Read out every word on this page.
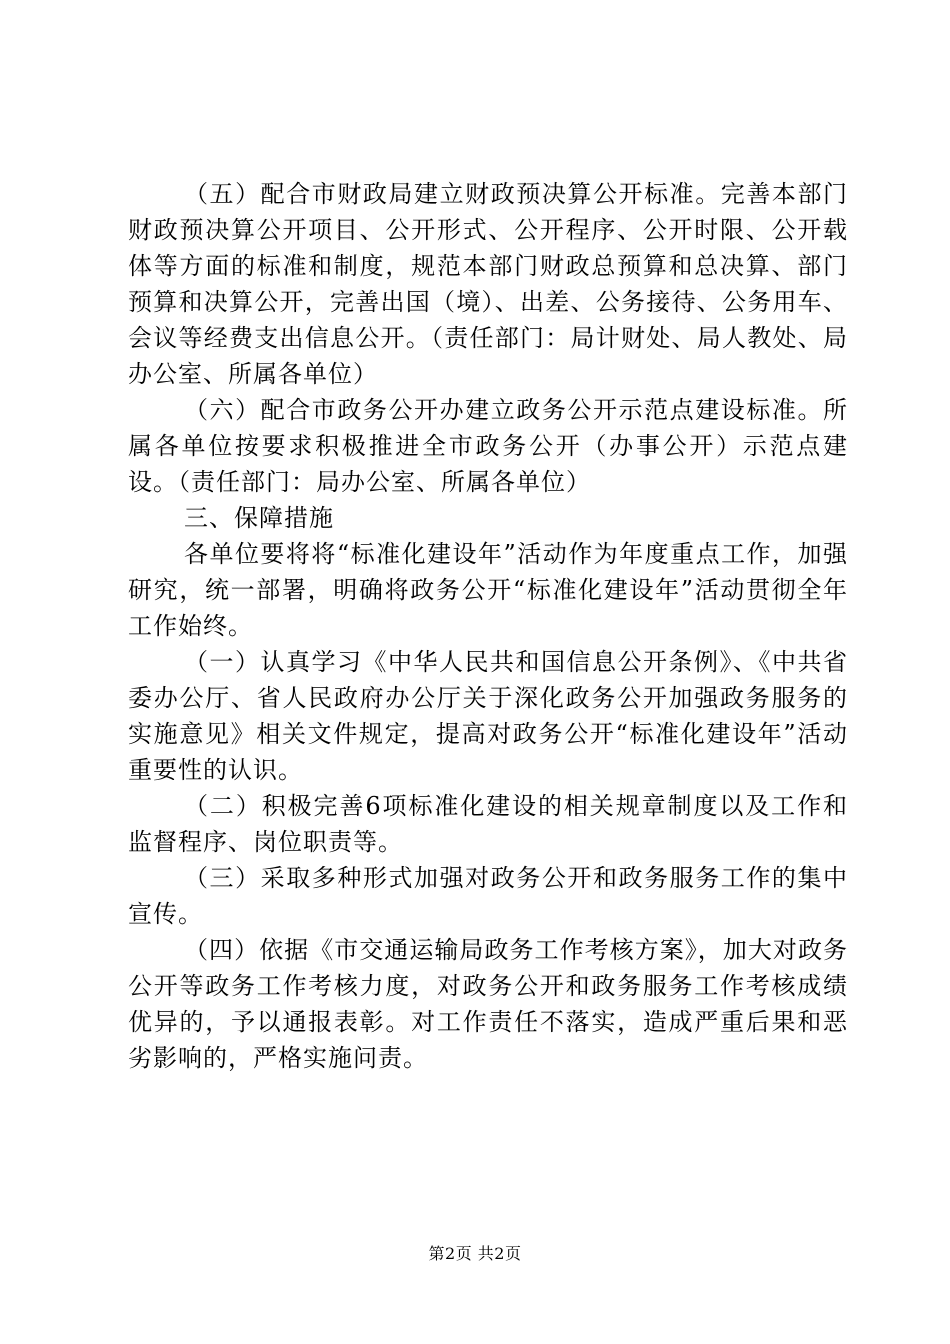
（五）配合市财政局建立财政预决算公开标准。完善本部门财政预决算公开项目、公开形式、公开程序、公开时限、公开载体等方面的标准和制度，规范本部门财政总预算和总决算、部门预算和决算公开，完善出国（境）、出差、公务接待、公务用车、会议等经费支出信息公开。（责任部门：局计财处、局人教处、局办公室、所属各单位）

（六）配合市政务公开办建立政务公开示范点建设标准。所属各单位按要求积极推进全市政务公开（办事公开）示范点建设。（责任部门：局办公室、所属各单位）

三、保障措施

各单位要将将“标准化建设年”活动作为年度重点工作，加强研究，统一部署，明确将政务公开“标准化建设年”活动贯彻全年工作始终。

（一）认真学习《中华人民共和国信息公开条例》、《中共省委办公厅、省人民政府办公厅关于深化政务公开加强政务服务的实施意见》相关文件规定，提高对政务公开“标准化建设年”活动重要性的认识。

（二）积极完善6项标准化建设的相关规章制度以及工作和监督程序、岗位职责等。

（三）采取多种形式加强对政务公开和政务服务工作的集中宣传。

（四）依据《市交通运输局政务工作考核方案》，加大对政务公开等政务工作考核力度，对政务公开和政务服务工作考核成绩优异的，予以通报表彰。对工作责任不落实，造成严重后果和恶劣影响的，严格实施问责。

第2页 共2页
